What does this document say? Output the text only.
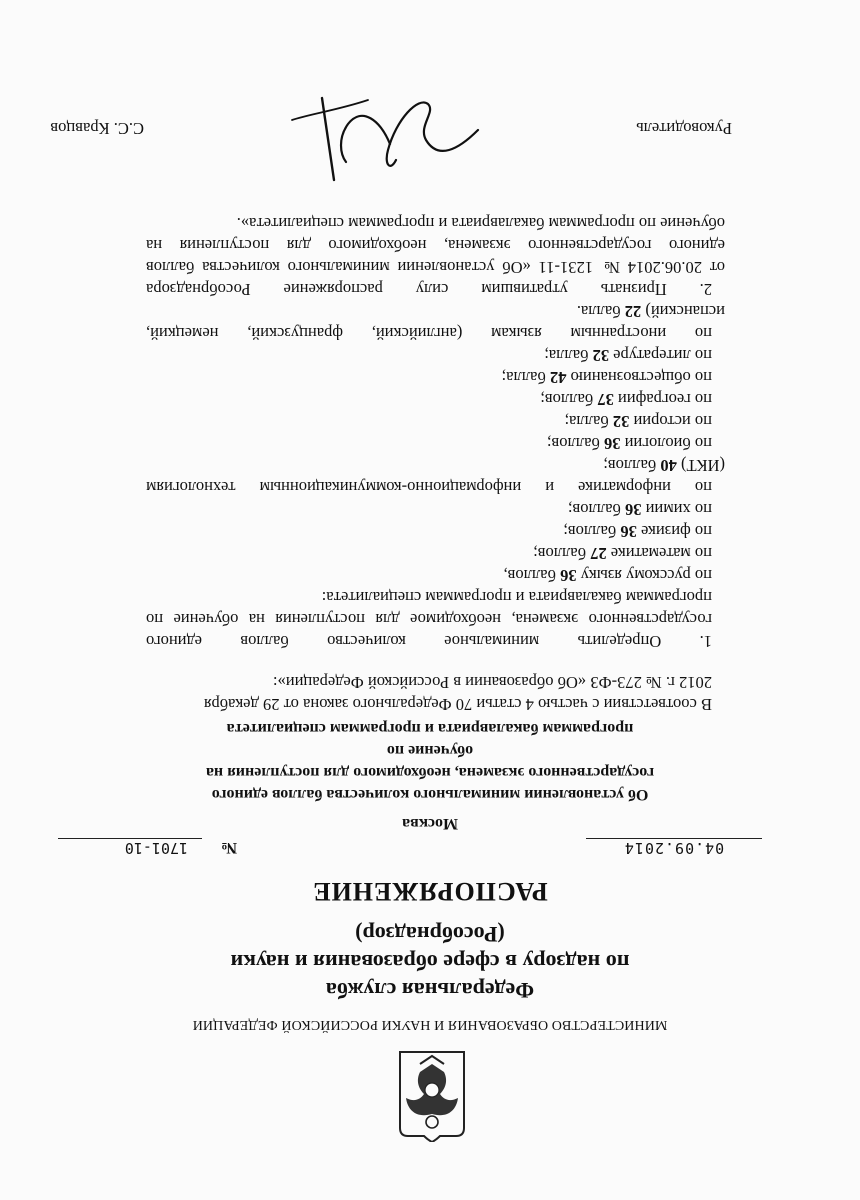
МИНИСТЕРСТВО ОБРАЗОВАНИЯ И НАУКИ РОССИЙСКОЙ ФЕДЕРАЦИИ
Федеральная служба
по надзору в сфере образования и науки
(Рособрнадзор)
РАСПОРЯЖЕНИЕ
04.09.2014
№
1701-10
Москва
Об установлении минимального количества баллов единого
государственного экзамена, необходимого для поступления на обучение по
программам бакалавриата и программам специалитета
В соответствии с частью 4 статьи 70 Федерального закона от 29 декабря
2012 г. № 273-ФЗ «Об образовании в Российской Федерации»:
1. Определить минимальное количество баллов единого
государственного экзамена, необходимое для поступления на обучение по
программам бакалавриата и программам специалитета:
по русскому языку 36 баллов,
по математике 27 баллов;
по физике 36 баллов;
по химии 36 баллов;
по информатике и информационно-коммуникационным технологиям
(ИКТ) 40 баллов;
по биологии 36 баллов;
по истории 32 балла;
по географии 37 баллов;
по обществознанию 42 балла;
по литературе 32 балла;
по иностранным языкам (английский, французский, немецкий,
испанский) 22 балла.
2. Признать утратившим силу распоряжение Рособрнадзора
от 20.06.2014 № 1231-11 «Об установлении минимального количества баллов
единого государственного экзамена, необходимого для поступления на
обучение по программам бакалавриата и программам специалитета».
Руководитель
С.С. Кравцов
